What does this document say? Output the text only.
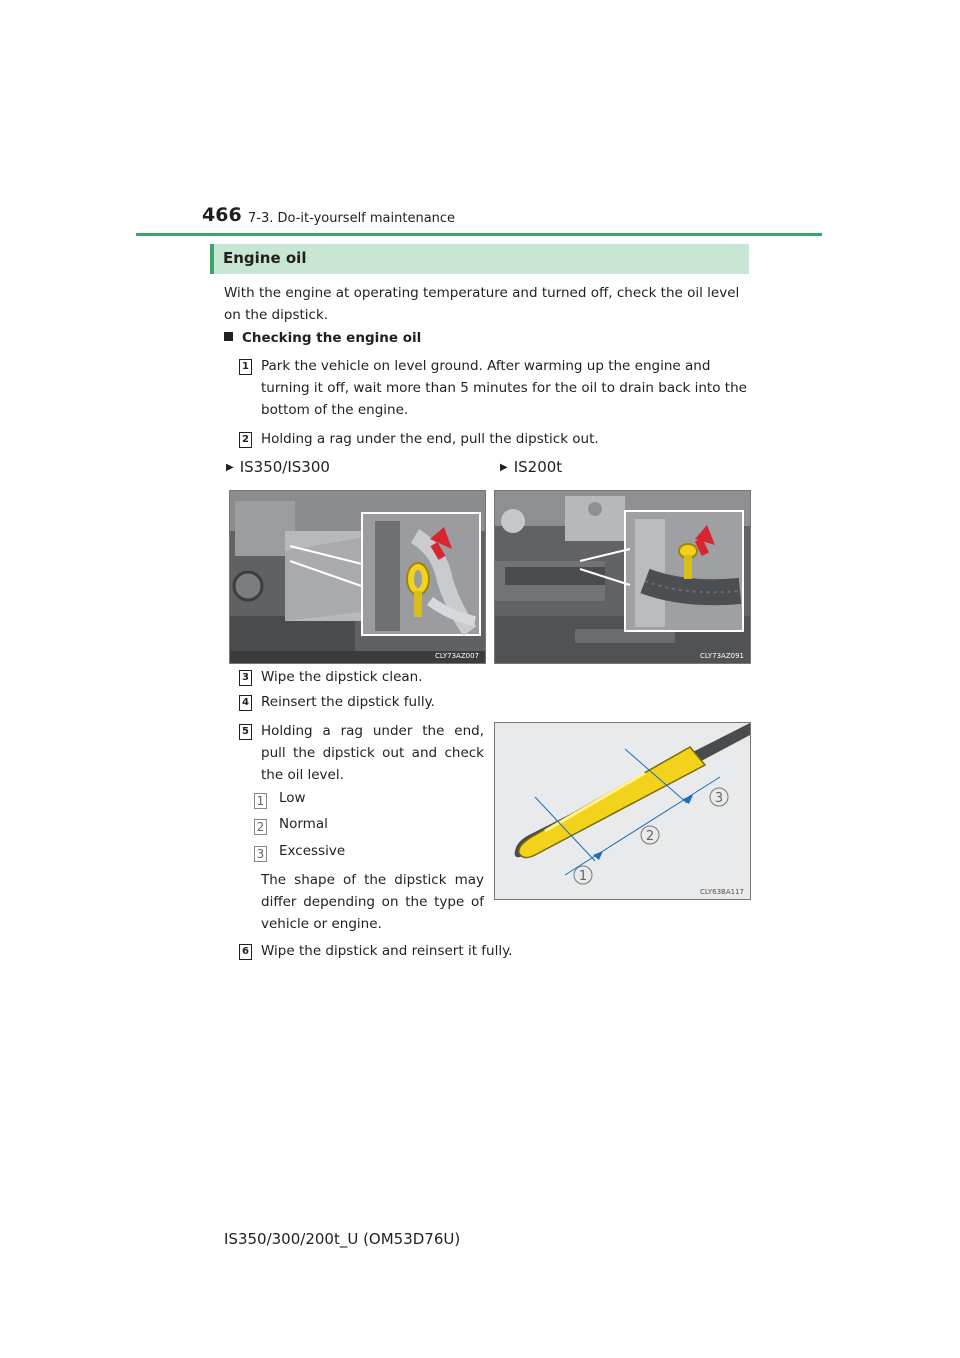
466 7-3. Do-it-yourself maintenance
Engine oil
With the engine at operating temperature and turned off, check the oil level on the dipstick.
Checking the engine oil
1 Park the vehicle on level ground. After warming up the engine and turning it off, wait more than 5 minutes for the oil to drain back into the bottom of the engine.
2 Holding a rag under the end, pull the dipstick out.
▶ IS350/IS300	▶ IS200t
CLY73AZ007	CLY73AZ091
3 Wipe the dipstick clean.
4 Reinsert the dipstick fully.
5 Holding a rag under the end, pull the dipstick out and check the oil level.
1 Low
2 Normal
3 Excessive
The shape of the dipstick may differ depending on the type of vehicle or engine.
1
2
3
CLY63BA117
6 Wipe the dipstick and reinsert it fully.
IS350/300/200t_U (OM53D76U)
